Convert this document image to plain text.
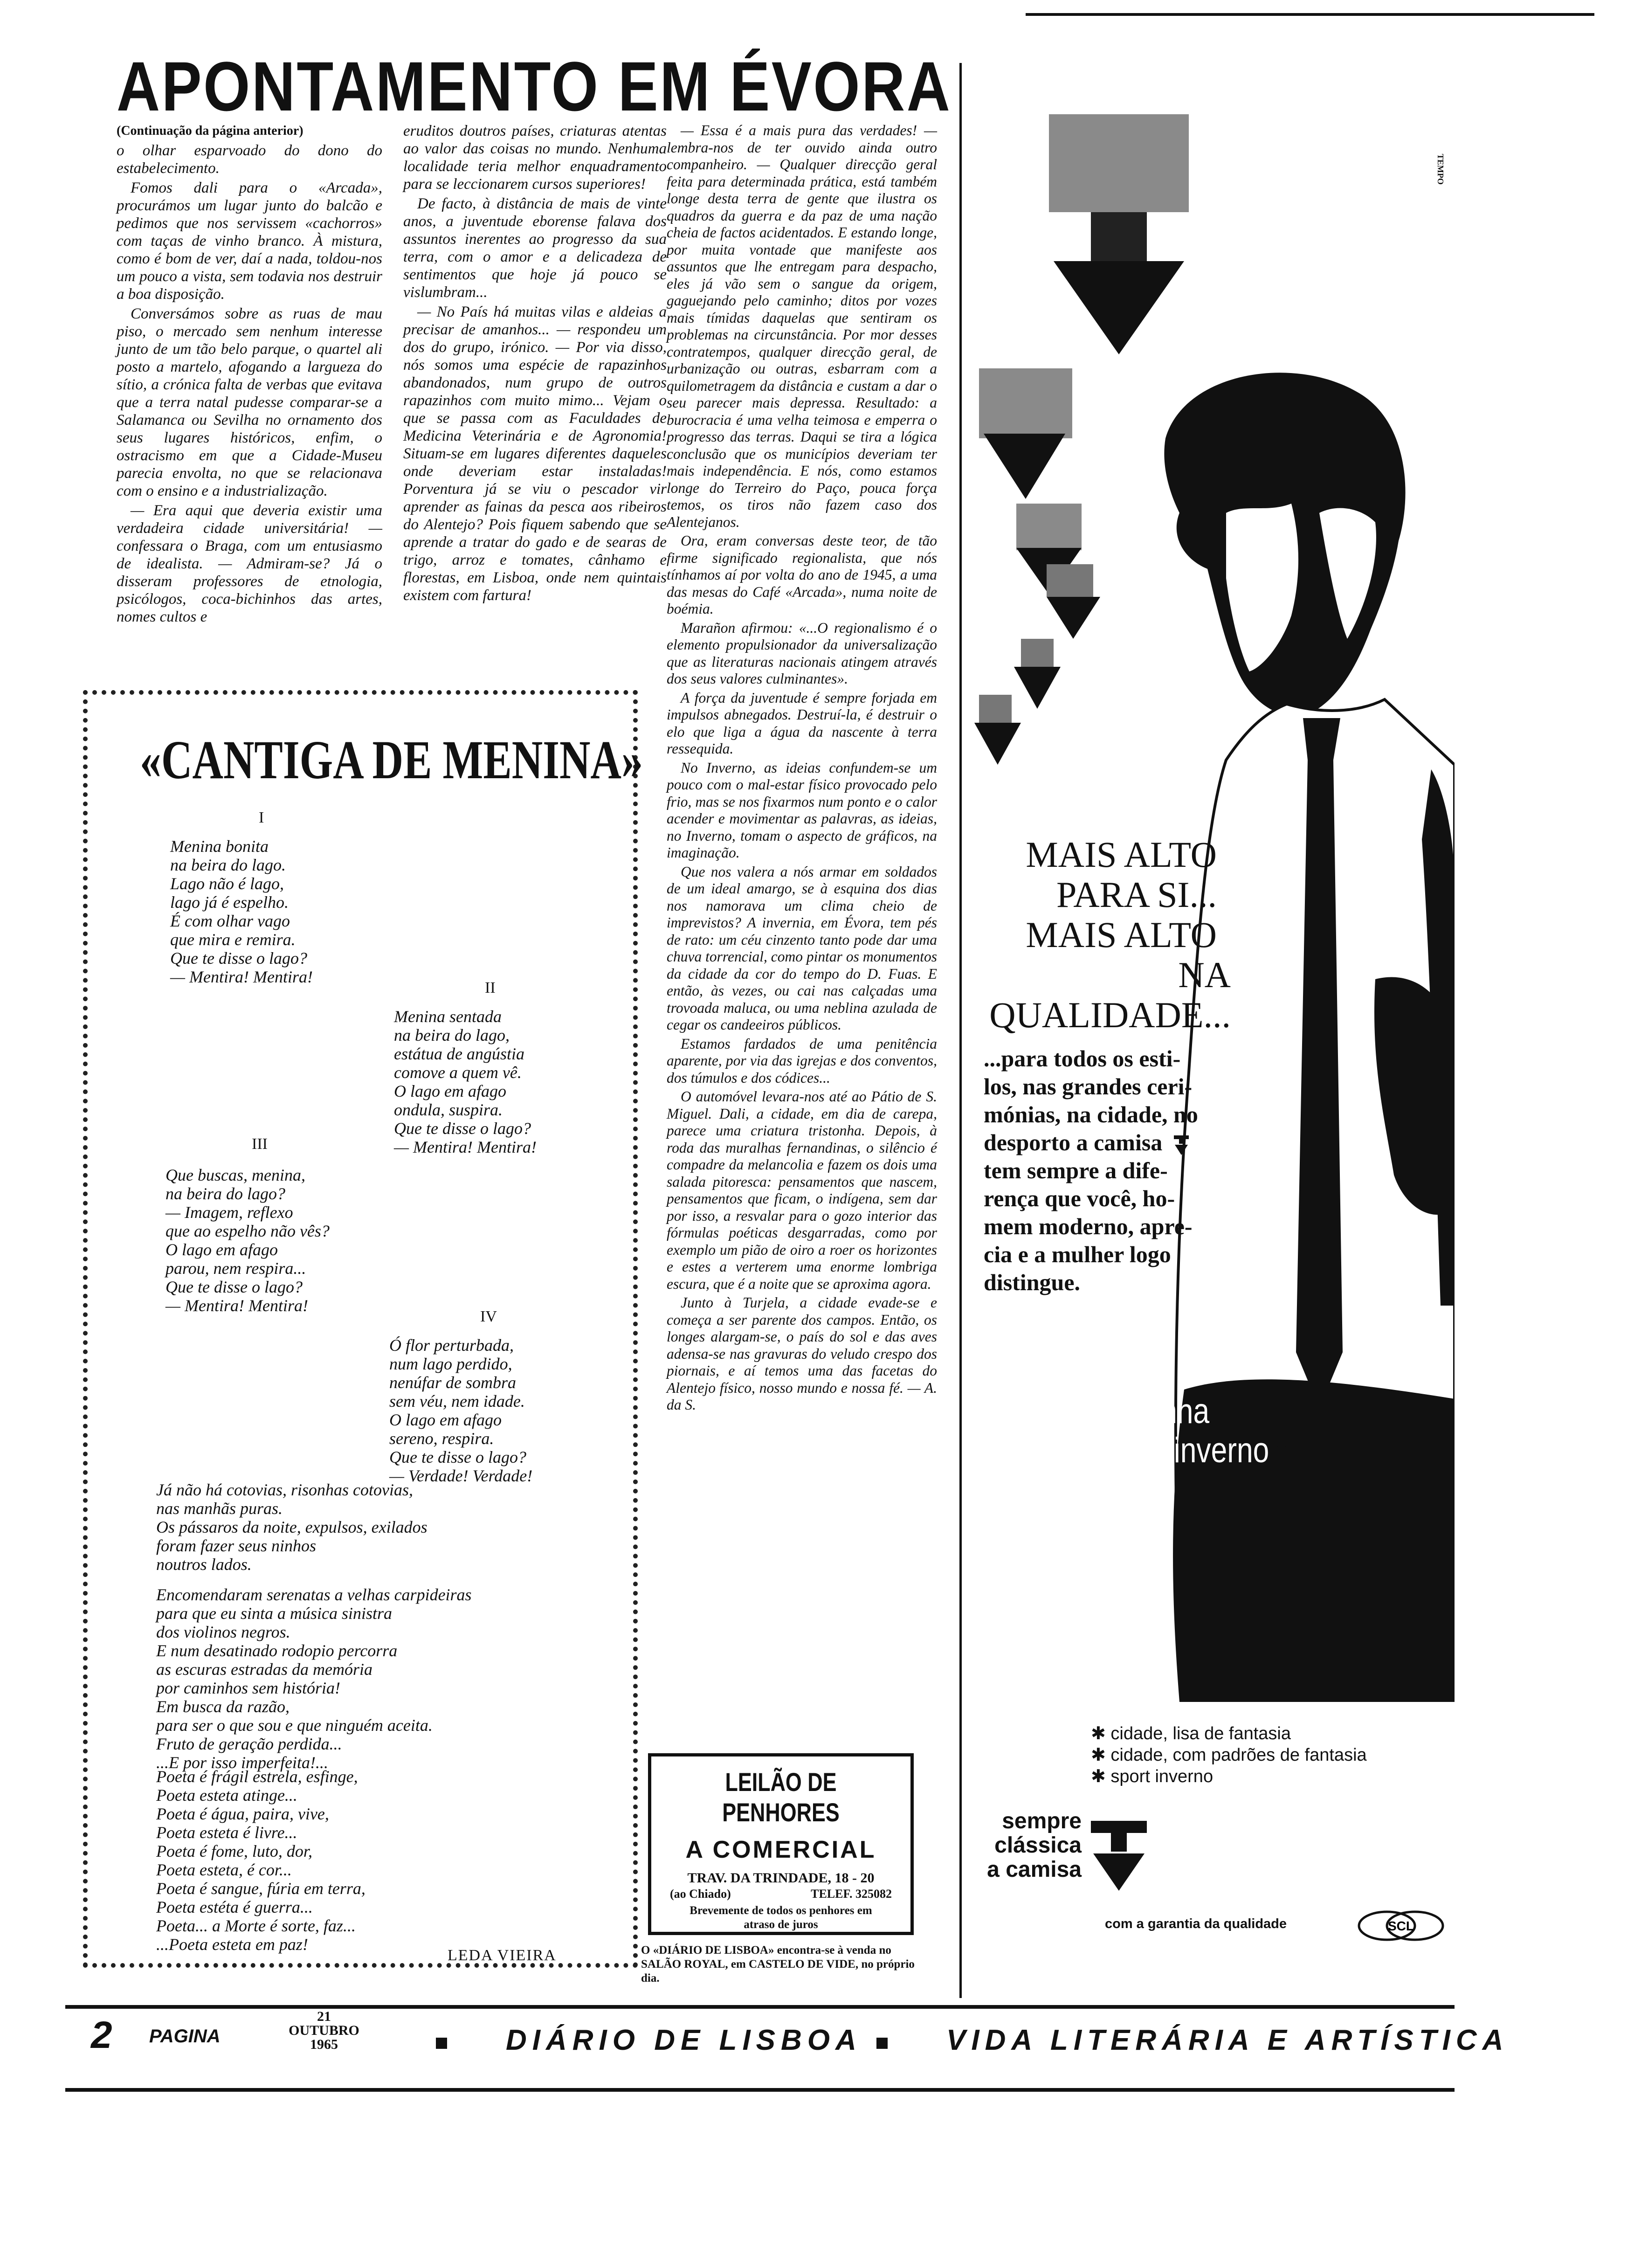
APONTAMENTO EM ÉVORA

(Continuação da página anterior)

o olhar esparvoado do dono do estabelecimento.

Fomos dali para o «Arcada», procurámos um lugar junto do balcão e pedimos que nos servissem «cachorros» com taças de vinho branco. À mistura, como é bom de ver, daí a nada, toldou-nos um pouco a vista, sem todavia nos destruir a boa disposição.

Conversámos sobre as ruas de mau piso, o mercado sem nenhum interesse junto de um tão belo parque, o quartel ali posto a martelo, afogando a largueza do sítio, a crónica falta de verbas que evitava que a terra natal pudesse comparar-se a Salamanca ou Sevilha no ornamento dos seus lugares históricos, enfim, o ostracismo em que a Cidade-Museu parecia envolta, no que se relacionava com o ensino e a industrialização.

— Era aqui que deveria existir uma verdadeira cidade universitária! — confessara o Braga, com um entusiasmo de idealista. — Admiram-se? Já o disseram professores de etnologia, psicólogos, coca-bichinhos das artes, nomes cultos e

eruditos doutros países, criaturas atentas ao valor das coisas no mundo. Nenhuma localidade teria melhor enquadramento para se leccionarem cursos superiores!

De facto, à distância de mais de vinte anos, a juventude eborense falava dos assuntos inerentes ao progresso da sua terra, com o amor e a delicadeza de sentimentos que hoje já pouco se vislumbram...

— No País há muitas vilas e aldeias a precisar de amanhos... — respondeu um dos do grupo, irónico. — Por via disso, nós somos uma espécie de rapazinhos abandonados, num grupo de outros rapazinhos com muito mimo... Vejam o que se passa com as Faculdades de Medicina Veterinária e de Agronomia! Situam-se em lugares diferentes daqueles onde deveriam estar instaladas! Porventura já se viu o pescador vir aprender as fainas da pesca aos ribeiros do Alentejo? Pois fiquem sabendo que se aprende a tratar do gado e de searas de trigo, arroz e tomates, cânhamo e florestas, em Lisboa, onde nem quintais existem com fartura!

— Essa é a mais pura das verdades! — lembra-nos de ter ouvido ainda outro companheiro. — Qualquer direcção geral feita para determinada prática, está também longe desta terra de gente que ilustra os quadros da guerra e da paz de uma nação cheia de factos acidentados. E estando longe, por muita vontade que manifeste aos assuntos que lhe entregam para despacho, eles já vão sem o sangue da origem, gaguejando pelo caminho; ditos por vozes mais tímidas daquelas que sentiram os problemas na circunstância. Por mor desses contratempos, qualquer direcção geral, de urbanização ou outras, esbarram com a quilometragem da distância e custam a dar o seu parecer mais depressa. Resultado: a burocracia é uma velha teimosa e emperra o progresso das terras. Daqui se tira a lógica conclusão que os municípios deveriam ter mais independência. E nós, como estamos longe do Terreiro do Paço, pouca força temos, os tiros não fazem caso dos Alentejanos.

Ora, eram conversas deste teor, de tão firme significado regionalista, que nós tínhamos aí por volta do ano de 1945, a uma das mesas do Café «Arcada», numa noite de boémia.

Marañon afirmou: «...O regionalismo é o elemento propulsionador da universalização que as literaturas nacionais atingem através dos seus valores culminantes».

A força da juventude é sempre forjada em impulsos abnegados. Destruí-la, é destruir o elo que liga a água da nascente à terra ressequida.

No Inverno, as ideias confundem-se um pouco com o mal-estar físico provocado pelo frio, mas se nos fixarmos num ponto e o calor acender e movimentar as palavras, as ideias, no Inverno, tomam o aspecto de gráficos, na imaginação.

Que nos valera a nós armar em soldados de um ideal amargo, se à esquina dos dias nos namorava um clima cheio de imprevistos? A invernia, em Évora, tem pés de rato: um céu cinzento tanto pode dar uma chuva torrencial, como pintar os monumentos da cidade da cor do tempo do D. Fuas. E então, às vezes, ou cai nas calçadas uma trovoada maluca, ou uma neblina azulada de cegar os candeeiros públicos.

Estamos fardados de uma penitência aparente, por via das igrejas e dos conventos, dos túmulos e dos códices...

O automóvel levara-nos até ao Pátio de S. Miguel. Dali, a cidade, em dia de carepa, parece uma criatura tristonha. Depois, à roda das muralhas fernandinas, o silêncio é compadre da melancolia e fazem os dois uma salada pitoresca: pensamentos que nascem, pensamentos que ficam, o indígena, sem dar por isso, a resvalar para o gozo interior das fórmulas poéticas desgarradas, como por exemplo um pião de oiro a roer os horizontes e estes a verterem uma enorme lombriga escura, que é a noite que se aproxima agora.

Junto à Turjela, a cidade evade-se e começa a ser parente dos campos. Então, os longes alargam-se, o país do sol e das aves adensa-se nas gravuras do veludo crespo dos piornais, e aí temos uma das facetas do Alentejo físico, nosso mundo e nossa fé. — A. da S.

«CANTIGA DE MENINA»
I
Menina bonita
na beira do lago.
Lago não é lago,
lago já é espelho.
É com olhar vago
que mira e remira.
Que te disse o lago?
— Mentira! Mentira!
II
Menina sentada
na beira do lago,
estátua de angústia
comove a quem vê.
O lago em afago
ondula, suspira.
Que te disse o lago?
— Mentira! Mentira!
III
Que buscas, menina,
na beira do lago?
— Imagem, reflexo
que ao espelho não vês?
O lago em afago
parou, nem respira...
Que te disse o lago?
— Mentira! Mentira!
IV
Ó flor perturbada,
num lago perdido,
nenúfar de sombra
sem véu, nem idade.
O lago em afago
sereno, respira.
Que te disse o lago?
— Verdade! Verdade!
Já não há cotovias, risonhas cotovias,
nas manhãs puras.
Os pássaros da noite, expulsos, exilados
foram fazer seus ninhos
noutros lados.
Encomendaram serenatas a velhas carpideiras
para que eu sinta a música sinistra
dos violinos negros.
E num desatinado rodopio percorra
as escuras estradas da memória
por caminhos sem história!
Em busca da razão,
para ser o que sou e que ninguém aceita.
Fruto de geração perdida...
...E por isso imperfeita!...
Poeta é frágil estrela, esfinge,
Poeta esteta atinge...
Poeta é água, paira, vive,
Poeta esteta é livre...
Poeta é fome, luto, dor,
Poeta esteta, é cor...
Poeta é sangue, fúria em terra,
Poeta estéta é guerra...
Poeta... a Morte é sorte, faz...
...Poeta esteta em paz!
LEDA VIEIRA
LEILÃO DE PENHORES
A COMERCIAL
TRAV. DA TRINDADE, 18 - 20
(ao Chiado)	TELEF. 325082
Brevemente de todos os penhores em atraso de juros
O «DIÁRIO DE LISBOA» encontra-se à venda no SALÃO ROYAL, em CASTELO DE VIDE, no próprio dia.
TEMPO
MAIS ALTO
PARA SI...
MAIS ALTO
NA
QUALIDADE...
...para todos os esti-
los, nas grandes ceri-
mónias, na cidade, no
desporto a camisa
tem sempre a dife-
rença que você, ho-
mem moderno, apre-
cia e a mulher logo
distingue.
nova linha
outono/inverno *
✱ cidade, lisa de fantasia
✱ cidade, com padrões de fantasia
✱ sport inverno
sempre
clássica
a camisa
com a garantia da qualidade	SCL
2 PAGINA
21
OUTUBRO
1965	DIÁRIO DE LISBOA	VIDA LITERÁRIA E ARTÍSTICA
